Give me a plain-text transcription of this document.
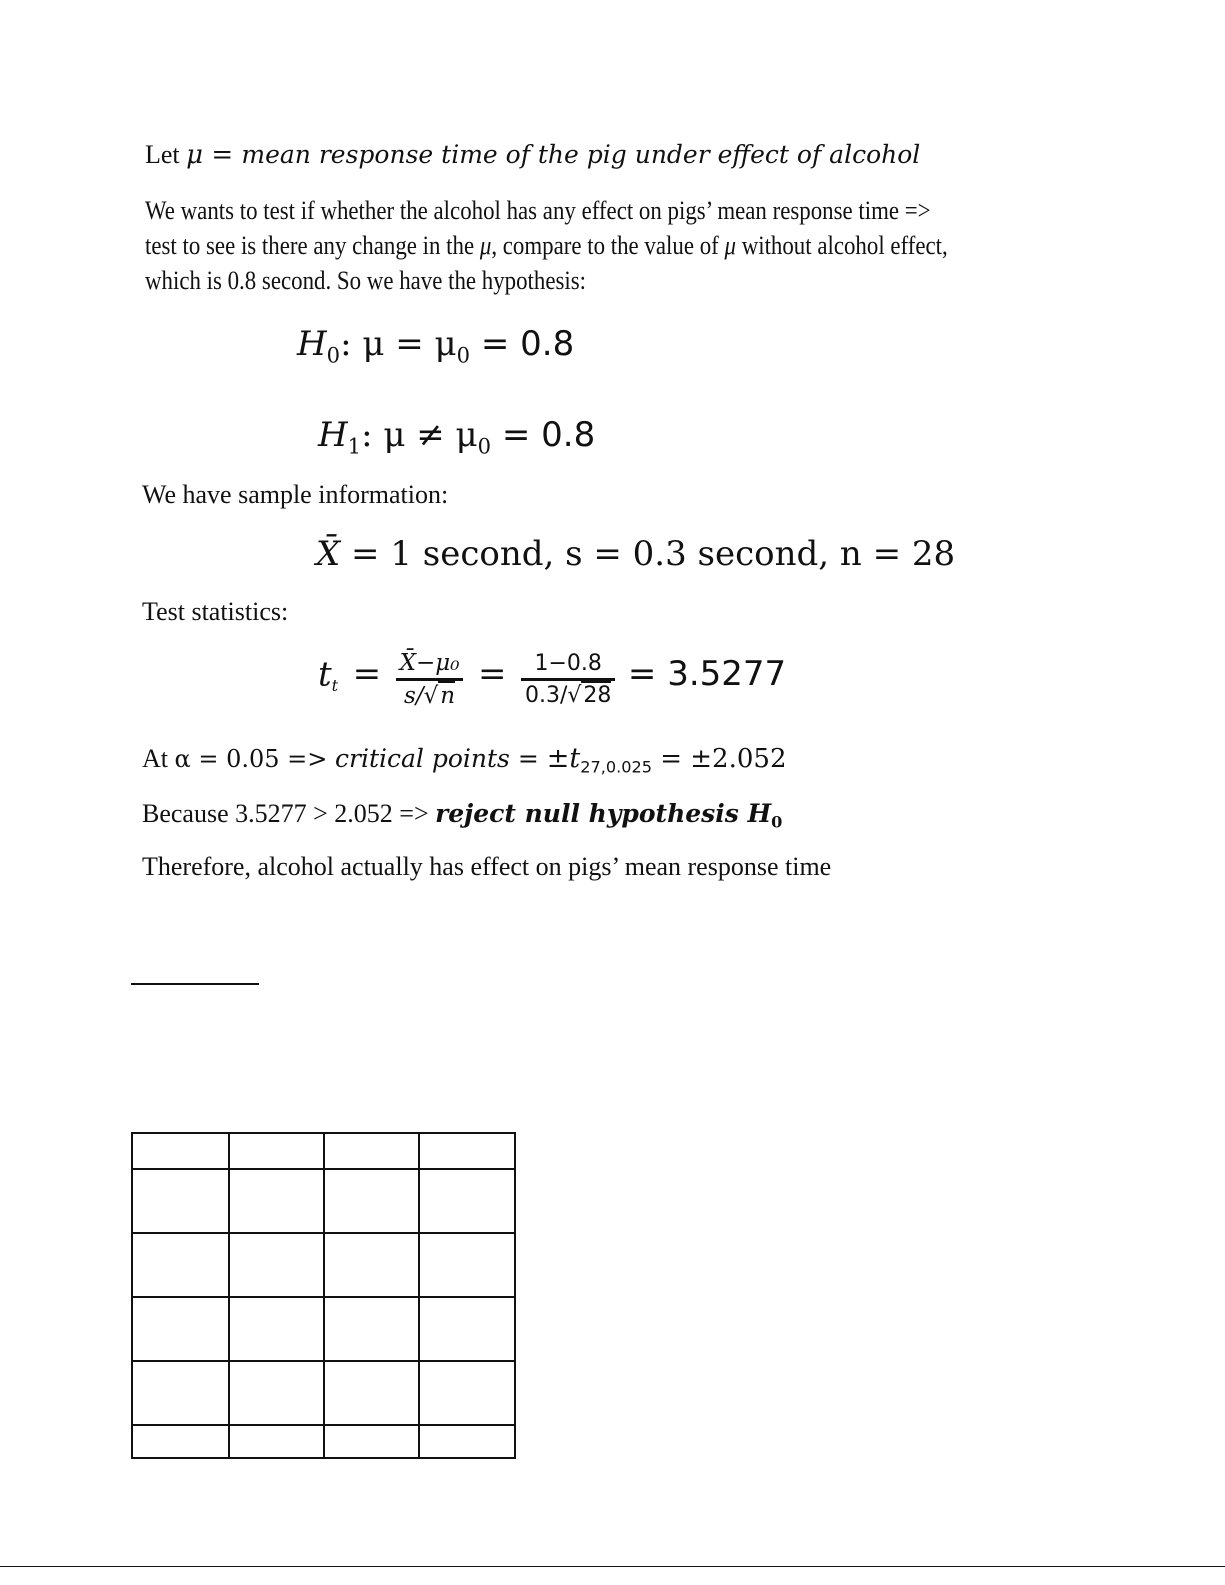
Let μ = mean response time of the pig under effect of alcohol
We wants to test if whether the alcohol has any effect on pigs’ mean response time =>
test to see is there any change in the μ, compare to the value of μ without alcohol effect,
which is 0.8 second. So we have the hypothesis:
$H_0$: $\mu = \mu_0 = 0.8$
$H_1$: $\mu \ne \mu_0 = 0.8$
We have sample information:
X̄ = 1 second, s = 0.3 second, n = 28
Test statistics:
$t_t = \frac{\text{X̄−μ₀}}{s/√n} = \frac{1-0.8}{0.3/√28} = 3.5277$
At α = 0.05 => critical points = $\pm t_{27,0.025} = \pm 2.052$
Because 3.5277 > 2.052 => reject null hypothesis $H_0$
Therefore, alcohol actually has effect on pigs’ mean response time
